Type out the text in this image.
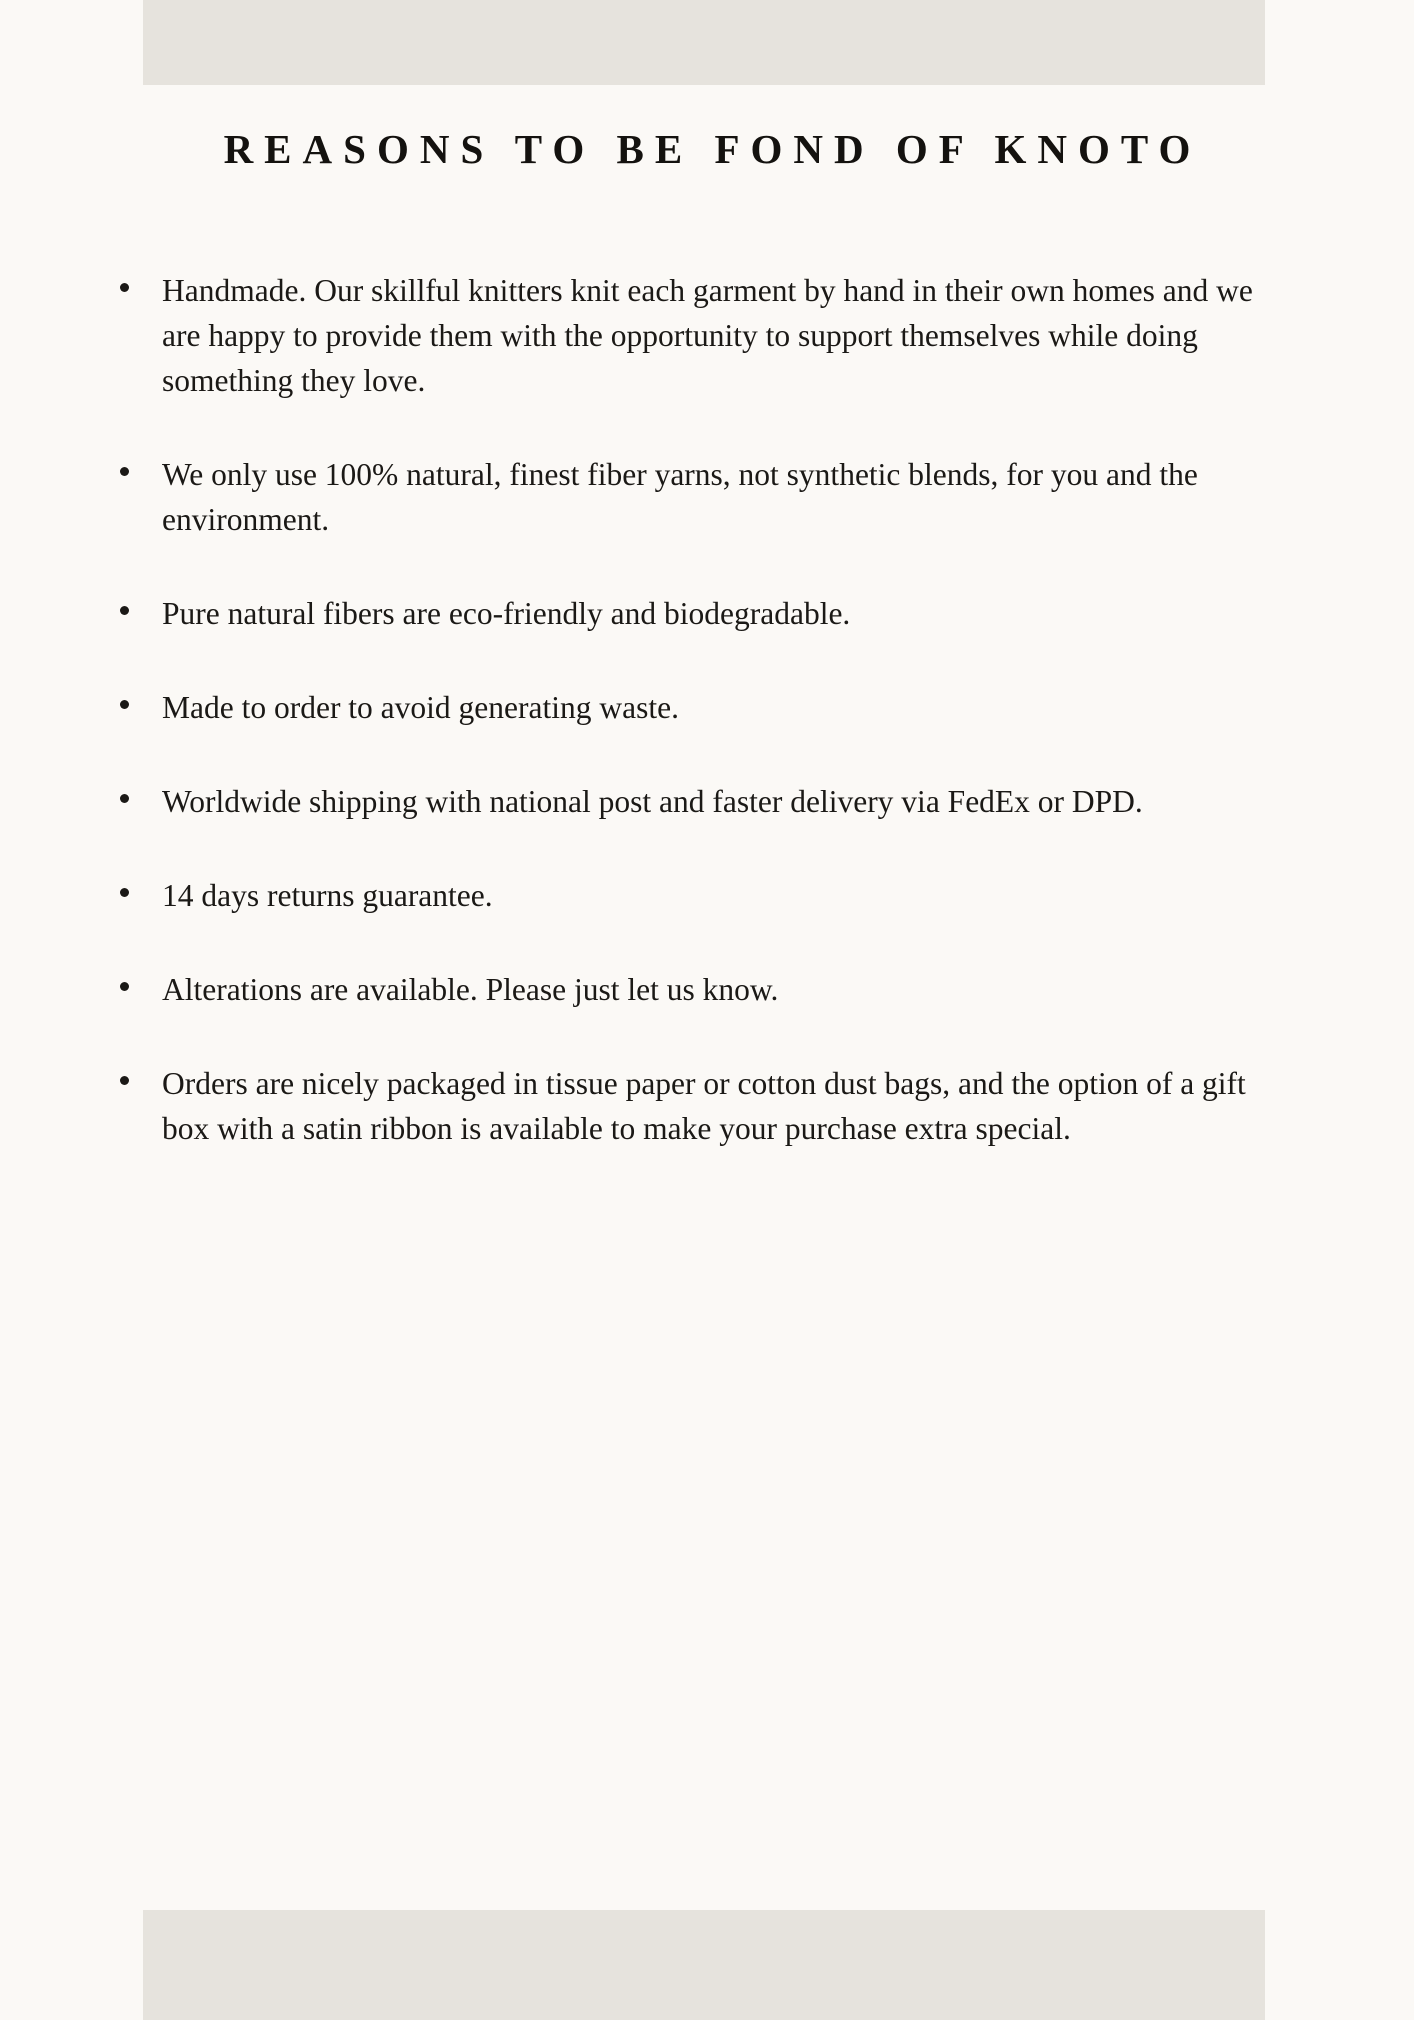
REASONS TO BE FOND OF KNOTO
Handmade. Our skillful knitters knit each garment by hand in their own homes and we are happy to provide them with the opportunity to support themselves while doing something they love.
We only use 100% natural, finest fiber yarns, not synthetic blends, for you and the environment.
Pure natural fibers are eco-friendly and biodegradable.
Made to order to avoid generating waste.
Worldwide shipping with national post and faster delivery via FedEx or DPD.
14 days returns guarantee.
Alterations are available. Please just let us know.
Orders are nicely packaged in tissue paper or cotton dust bags, and the option of a gift box with a satin ribbon is available to make your purchase extra special.
